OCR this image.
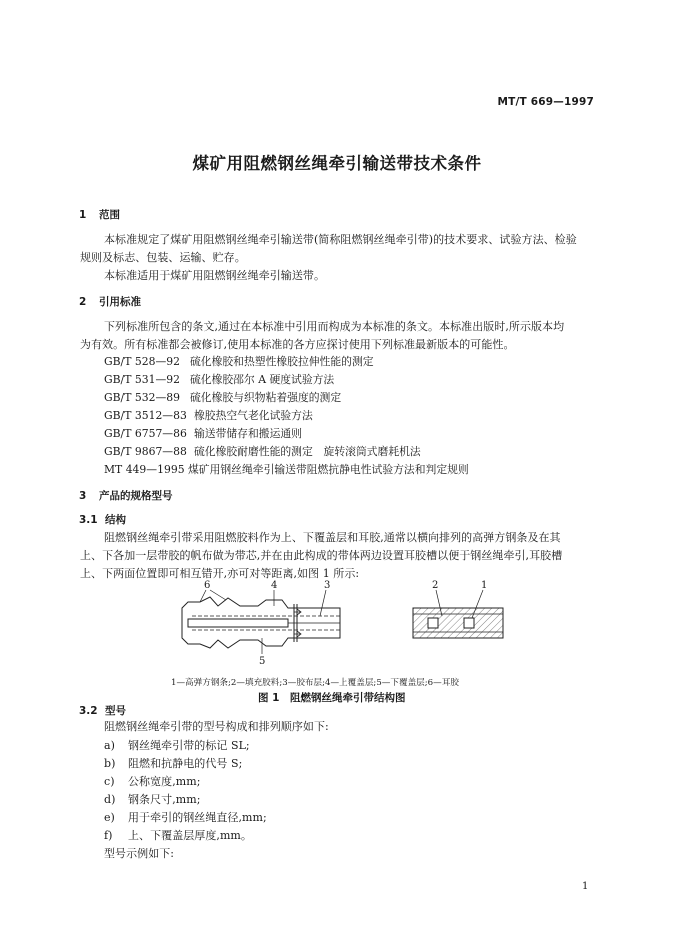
MT/T 669—1997
煤矿用阻燃钢丝绳牵引输送带技术条件
1 范围
本标准规定了煤矿用阻燃钢丝绳牵引输送带(简称阻燃钢丝绳牵引带)的技术要求、试验方法、检验
规则及标志、包装、运输、贮存。
本标准适用于煤矿用阻燃钢丝绳牵引输送带。
2 引用标准
下列标准所包含的条文,通过在本标准中引用而构成为本标准的条文。本标准出版时,所示版本均
为有效。所有标准都会被修订,使用本标准的各方应探讨使用下列标准最新版本的可能性。
GB/T 528—92 硫化橡胶和热塑性橡胶拉伸性能的测定
GB/T 531—92 硫化橡胶邵尔 A 硬度试验方法
GB/T 532—89 硫化橡胶与织物粘着强度的测定
GB/T 3512—83 橡胶热空气老化试验方法
GB/T 6757—86 输送带储存和搬运通则
GB/T 9867—88 硫化橡胶耐磨性能的测定　旋转滚筒式磨耗机法
MT 449—1995 煤矿用钢丝绳牵引输送带阻燃抗静电性试验方法和判定规则
3 产品的规格型号
3.1 结构
阻燃钢丝绳牵引带采用阻燃胶料作为上、下覆盖层和耳胶,通常以横向排列的高弹方钢条及在其
上、下各加一层带胶的帆布做为带芯,并在由此构成的带体两边设置耳胶槽以便于钢丝绳牵引,耳胶槽
上、下两面位置即可相互错开,亦可对等距离,如图 1 所示:
6	4	3
5
2	1
1—高弹方钢条;2—填充胶料;3—胶布层;4—上覆盖层;5—下覆盖层;6—耳胶
图 1　阻燃钢丝绳牵引带结构图
3.2 型号
阻燃钢丝绳牵引带的型号构成和排列顺序如下:
a) 钢丝绳牵引带的标记 SL;
b) 阻燃和抗静电的代号 S;
c) 公称宽度,mm;
d) 钢条尺寸,mm;
e) 用于牵引的钢丝绳直径,mm;
f) 上、下覆盖层厚度,mm。
型号示例如下:
1
